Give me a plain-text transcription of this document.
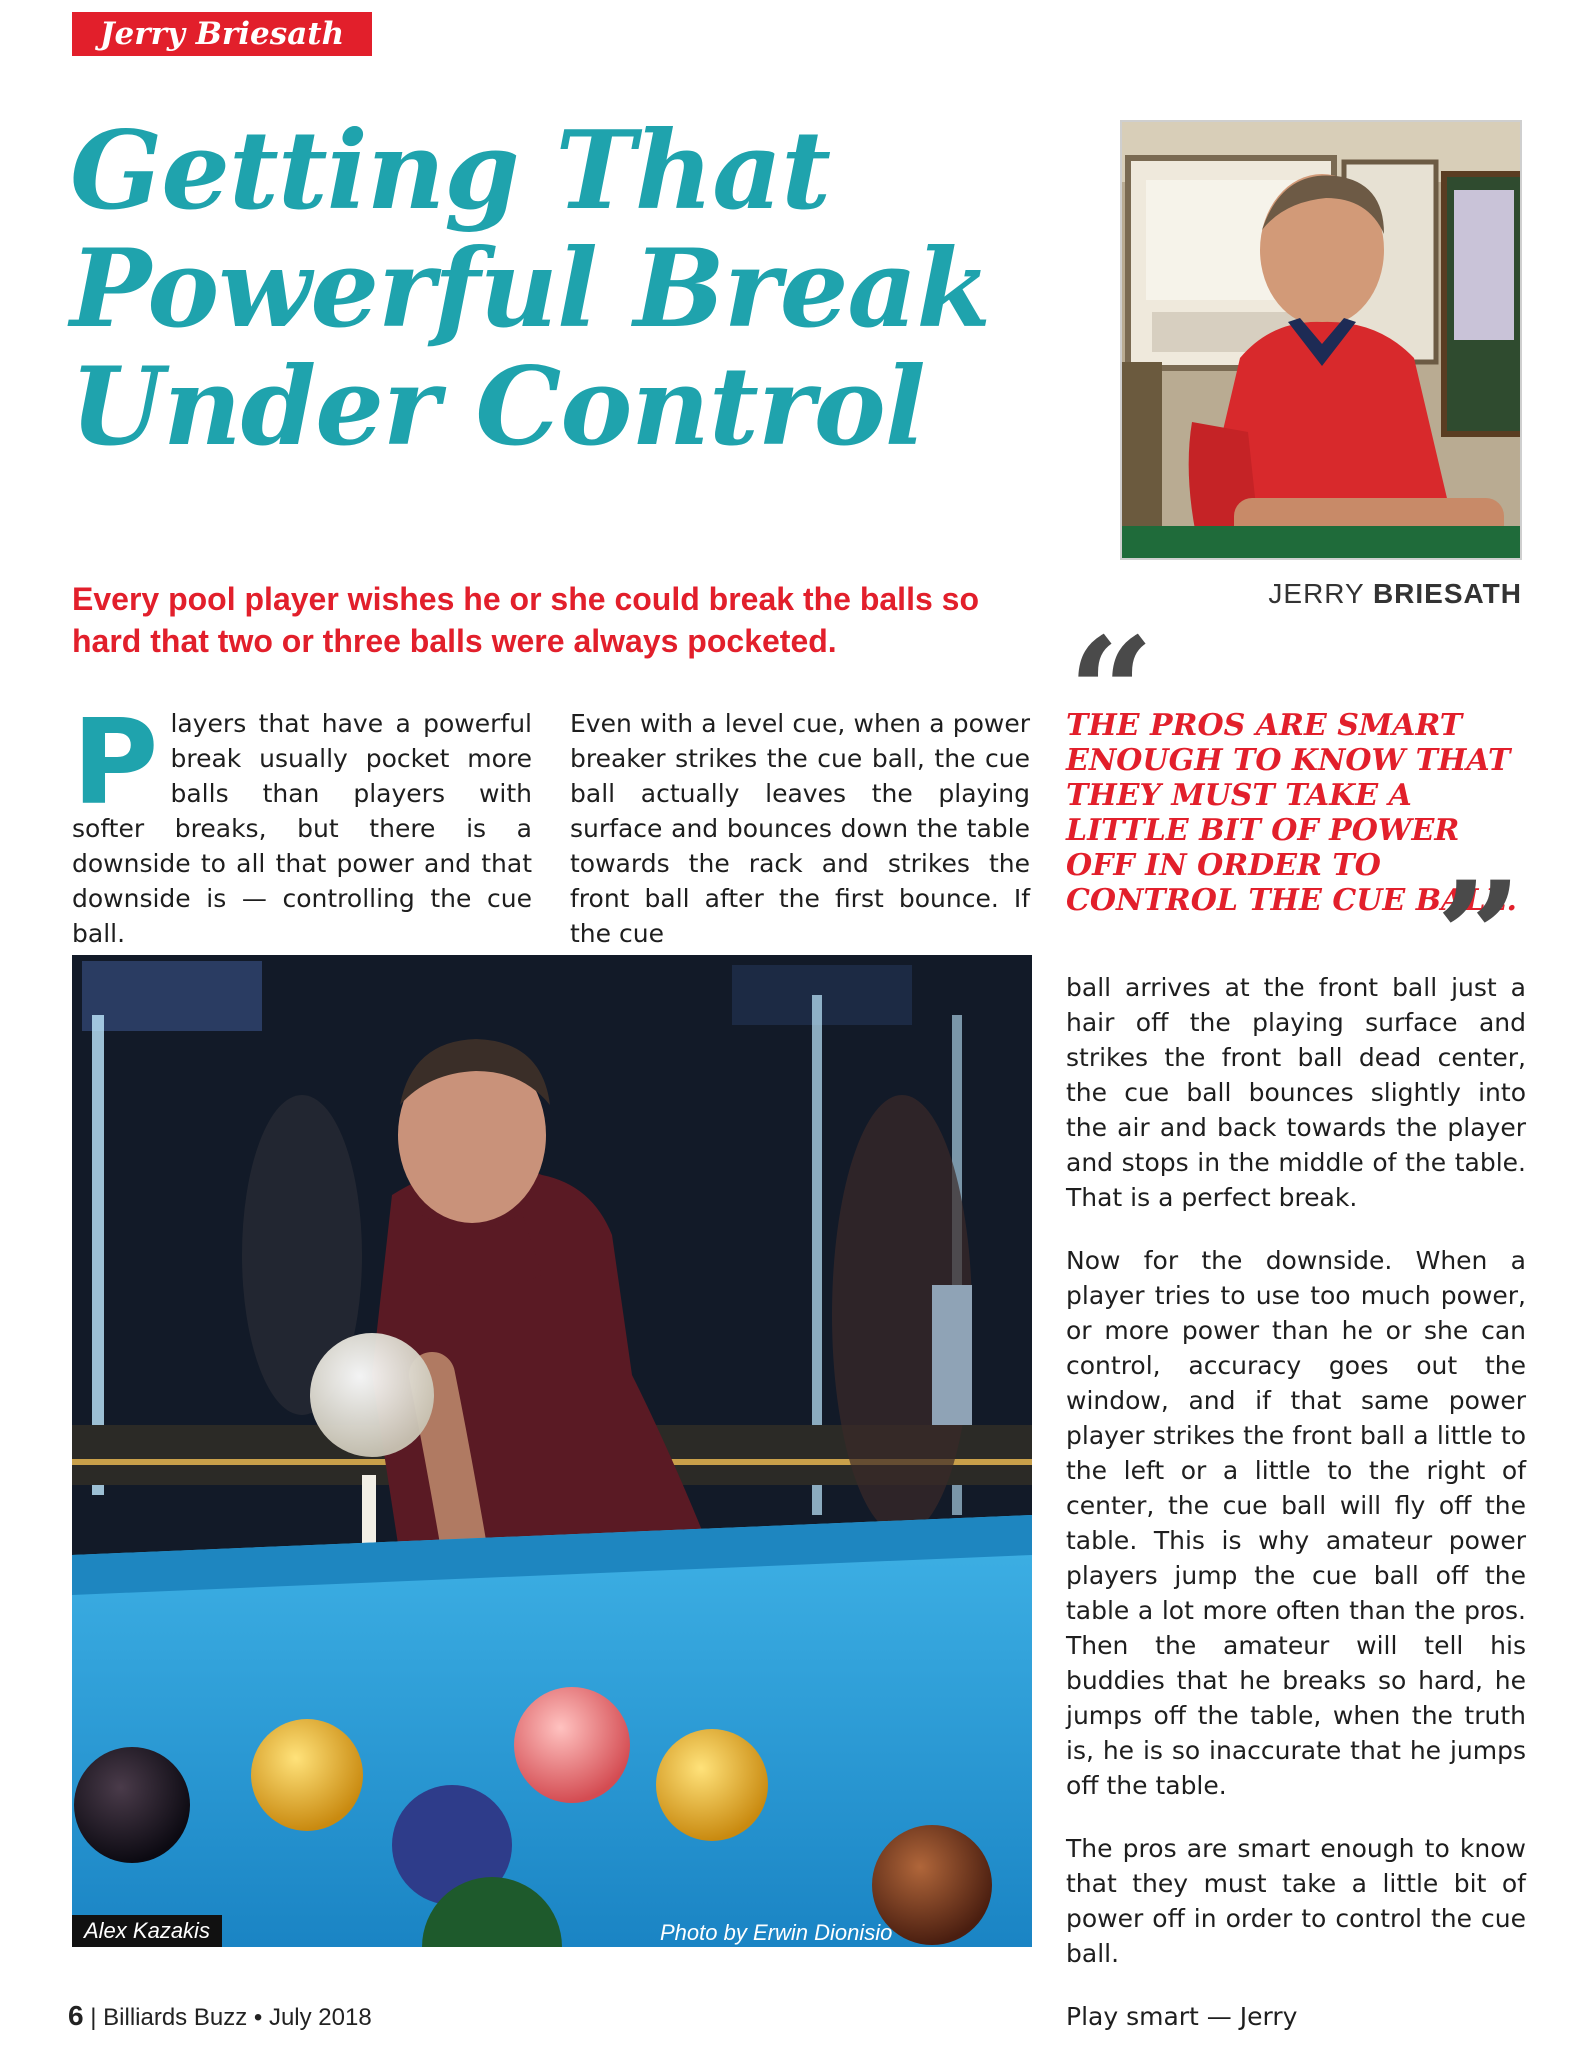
Jerry Briesath
Getting That
Powerful Break
Under Control

Every pool player wishes he or she could break the balls so hard that two or three balls were always pocketed.

JERRY BRIESATH
“
THE PROS ARE SMART ENOUGH TO KNOW THAT THEY MUST TAKE A LITTLE BIT OF POWER OFF IN ORDER TO CONTROL THE CUE BALL.
”
Players that have a powerful break usually pocket more balls than players with softer breaks, but there is a downside to all that power and that downside is — controlling the cue ball.
Even with a level cue, when a power breaker strikes the cue ball, the cue ball actually leaves the playing surface and bounces down the table towards the rack and strikes the front ball after the first bounce. If the cue

ball arrives at the front ball just a hair off the playing surface and strikes the front ball dead center, the cue ball bounces slightly into the air and back towards the player and stops in the middle of the table. That is a perfect break.

Now for the downside. When a player tries to use too much power, or more power than he or she can control, accuracy goes out the window, and if that same power player strikes the front ball a little to the left or a little to the right of center, the cue ball will fly off the table. This is why amateur power players jump the cue ball off the table a lot more often than the pros. Then the amateur will tell his buddies that he breaks so hard, he jumps off the table, when the truth is, he is so inaccurate that he jumps off the table.

The pros are smart enough to know that they must take a little bit of power off in order to control the cue ball.

Play smart — Jerry

Alex Kazakis	Photo by Erwin Dionisio
6 | Billiards Buzz • July 2018
